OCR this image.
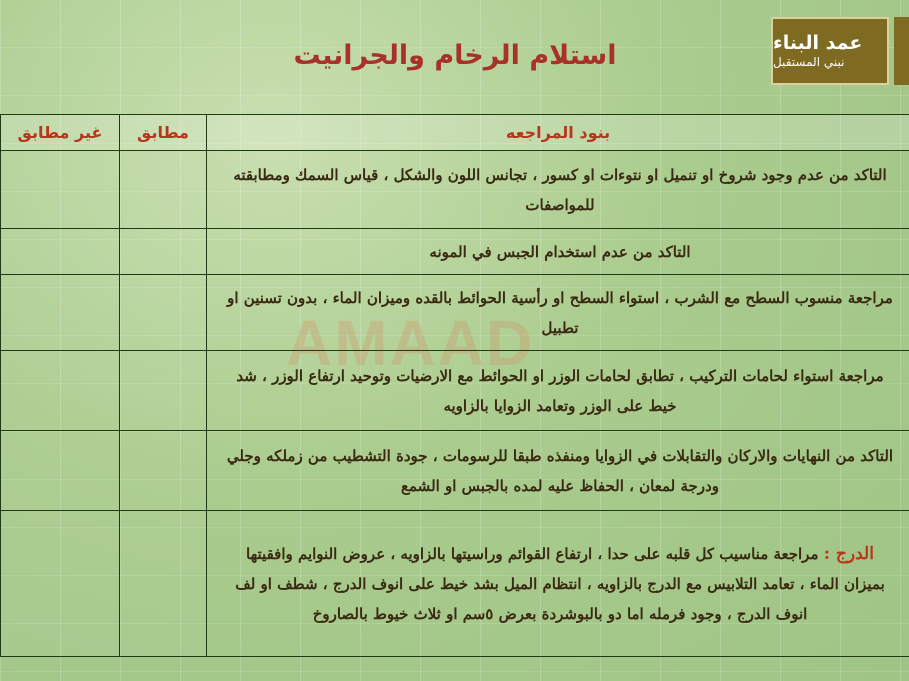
عمد البناء
نبني المستقبل
استلام الرخام والجرانيت
AMAAD
بنود المراجعه	مطابق	غير مطابق
التاكد من عدم وجود شروخ او تنميل او نتوءات او كسور ، تجانس اللون والشكل ، قياس السمك ومطابقته للمواصفات		
التاكد من عدم استخدام الجبس في المونه		
مراجعة منسوب السطح مع الشرب ، استواء السطح او رأسية الحوائط بالقده وميزان الماء ، بدون تسنين او تطبيل		
مراجعة استواء لحامات التركيب ، تطابق لحامات الوزر او الحوائط مع الارضيات وتوحيد ارتفاع الوزر ، شد خيط على الوزر وتعامد الزوايا بالزاويه		
التاكد من النهايات والاركان والتقابلات في الزوايا ومنفذه طبقا للرسومات ، جودة التشطيب من زملكه وجلي ودرجة لمعان ، الحفاظ عليه لمده بالجبس او الشمع		
الدرج : مراجعة مناسيب كل قلبه على حدا ، ارتفاع القوائم وراسيتها بالزاويه ، عروض النوايم وافقيتها بميزان الماء ، تعامد التلابيس مع الدرج بالزاويه ، انتظام الميل بشد خيط على انوف الدرج ، شطف او لف انوف الدرج ، وجود فرمله اما دو بالبوشردة بعرض ٥سم او ثلاث خيوط بالصاروخ		
